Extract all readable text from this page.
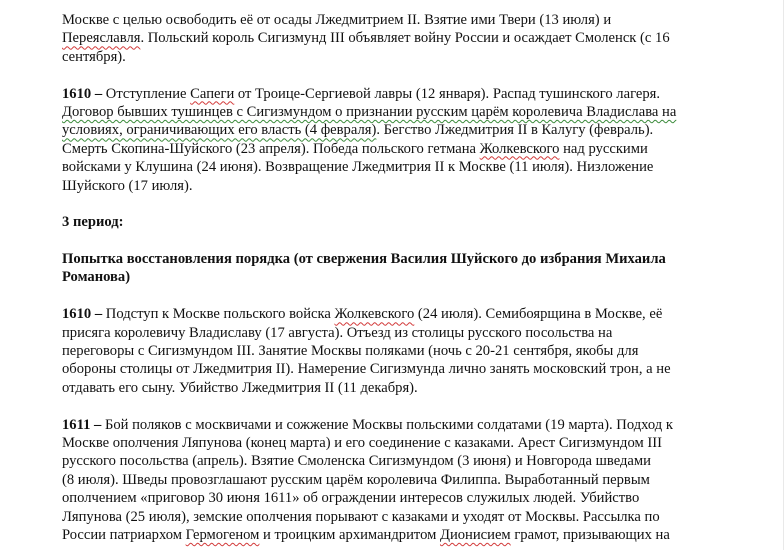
Москве с целью освободить её от осады Лжедмитрием II. Взятие ими Твери (13 июля) и
Переяславля. Польский король Сигизмунд III объявляет войну России и осаждает Смоленск (с 16
сентября).
1610 – Отступление Сапеги от Троице-Сергиевой лавры (12 января). Распад тушинского лагеря.
Договор бывших тушинцев с Сигизмундом о признании русским царём королевича Владислава на
условиях, ограничивающих его власть (4 февраля). Бегство Лжедмитрия II в Калугу (февраль).
Смерть Скопина-Шуйского (23 апреля). Победа польского гетмана Жолкевского над русскими
войсками у Клушина (24 июня). Возвращение Лжедмитрия II к Москве (11 июля). Низложение
Шуйского (17 июля).
3 период:
Попытка восстановления порядка (от свержения Василия Шуйского до избрания Михаила
Романова)
1610 – Подступ к Москве польского войска Жолкевского (24 июля). Семибоярщина в Москве, её
присяга королевичу Владиславу (17 августа). Отъезд из столицы русского посольства на
переговоры с Сигизмундом III. Занятие Москвы поляками (ночь с 20-21 сентября, якобы для
обороны столицы от Лжедмитрия II). Намерение Сигизмунда лично занять московский трон, а не
отдавать его сыну. Убийство Лжедмитрия II (11 декабря).
1611 – Бой поляков с москвичами и сожжение Москвы польскими солдатами (19 марта). Подход к
Москве ополчения Ляпунова (конец марта) и его соединение с казаками. Арест Сигизмундом III
русского посольства (апрель). Взятие Смоленска Сигизмундом (3 июня) и Новгорода шведами
(8 июля). Шведы провозглашают русским царём королевича Филиппа. Выработанный первым
ополчением «приговор 30 июня 1611» об ограждении интересов служилых людей. Убийство
Ляпунова (25 июля), земские ополчения порывают с казаками и уходят от Москвы. Рассылка по
России патриархом Гермогеном и троицким архимандритом Дионисием грамот, призывающих на
